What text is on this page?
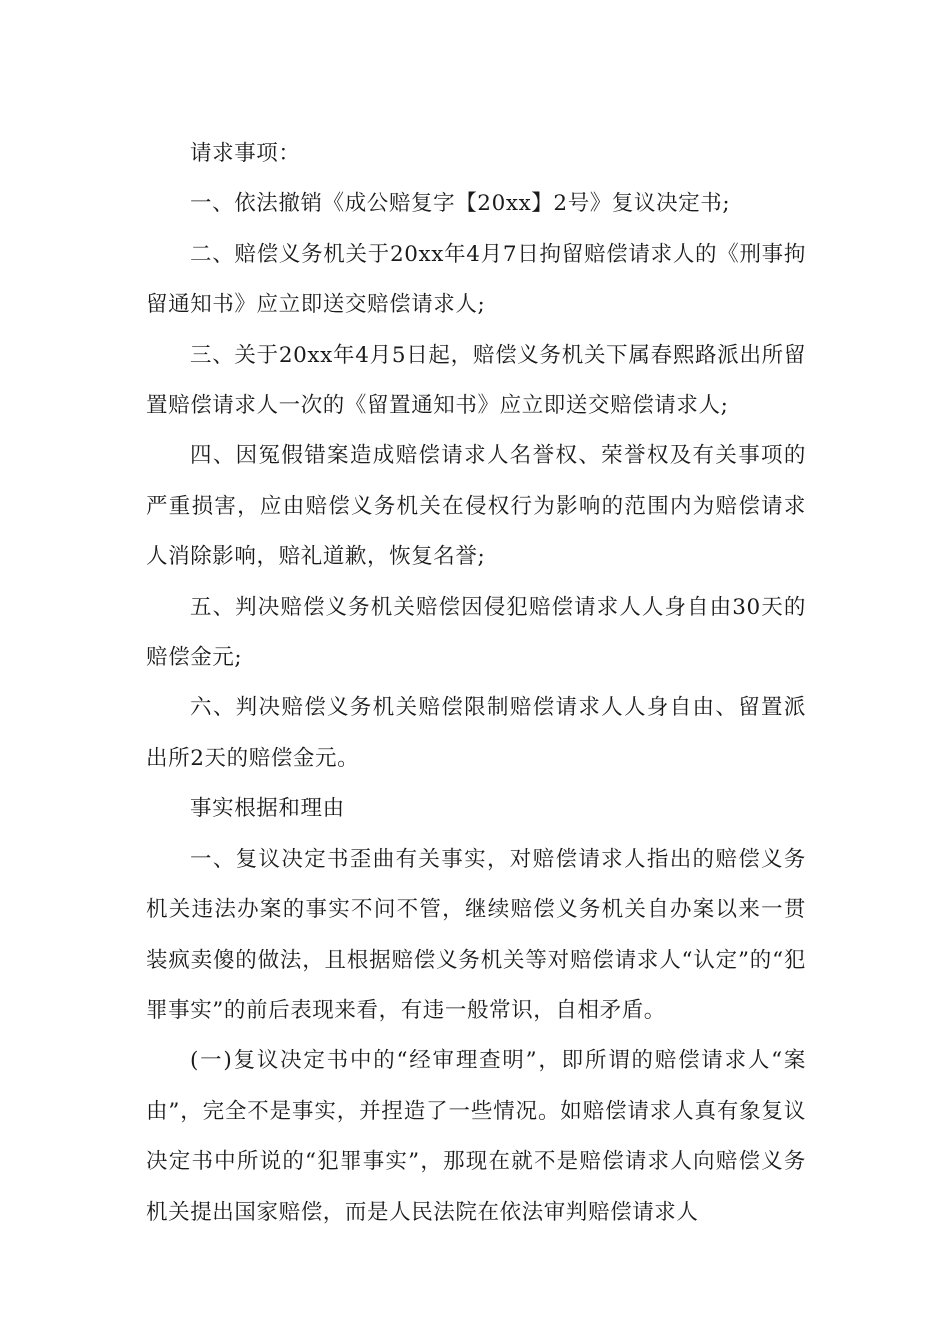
请求事项：

一、依法撤销《成公赔复字【20xx】2号》复议决定书;

二、赔偿义务机关于20xx年4月7日拘留赔偿请求人的《刑事拘留通知书》应立即送交赔偿请求人;

三、关于20xx年4月5日起，赔偿义务机关下属春熙路派出所留置赔偿请求人一次的《留置通知书》应立即送交赔偿请求人;

四、因冤假错案造成赔偿请求人名誉权、荣誉权及有关事项的严重损害，应由赔偿义务机关在侵权行为影响的范围内为赔偿请求人消除影响，赔礼道歉，恢复名誉;

五、判决赔偿义务机关赔偿因侵犯赔偿请求人人身自由30天的赔偿金元;

六、判决赔偿义务机关赔偿限制赔偿请求人人身自由、留置派出所2天的赔偿金元。

事实根据和理由

一、复议决定书歪曲有关事实，对赔偿请求人指出的赔偿义务机关违法办案的事实不问不管，继续赔偿义务机关自办案以来一贯装疯卖傻的做法，且根据赔偿义务机关等对赔偿请求人“认定”的“犯罪事实”的前后表现来看，有违一般常识，自相矛盾。

(一)复议决定书中的“经审理查明”，即所谓的赔偿请求人“案由”，完全不是事实，并捏造了一些情况。如赔偿请求人真有象复议决定书中所说的“犯罪事实”，那现在就不是赔偿请求人向赔偿义务机关提出国家赔偿，而是人民法院在依法审判赔偿请求人
